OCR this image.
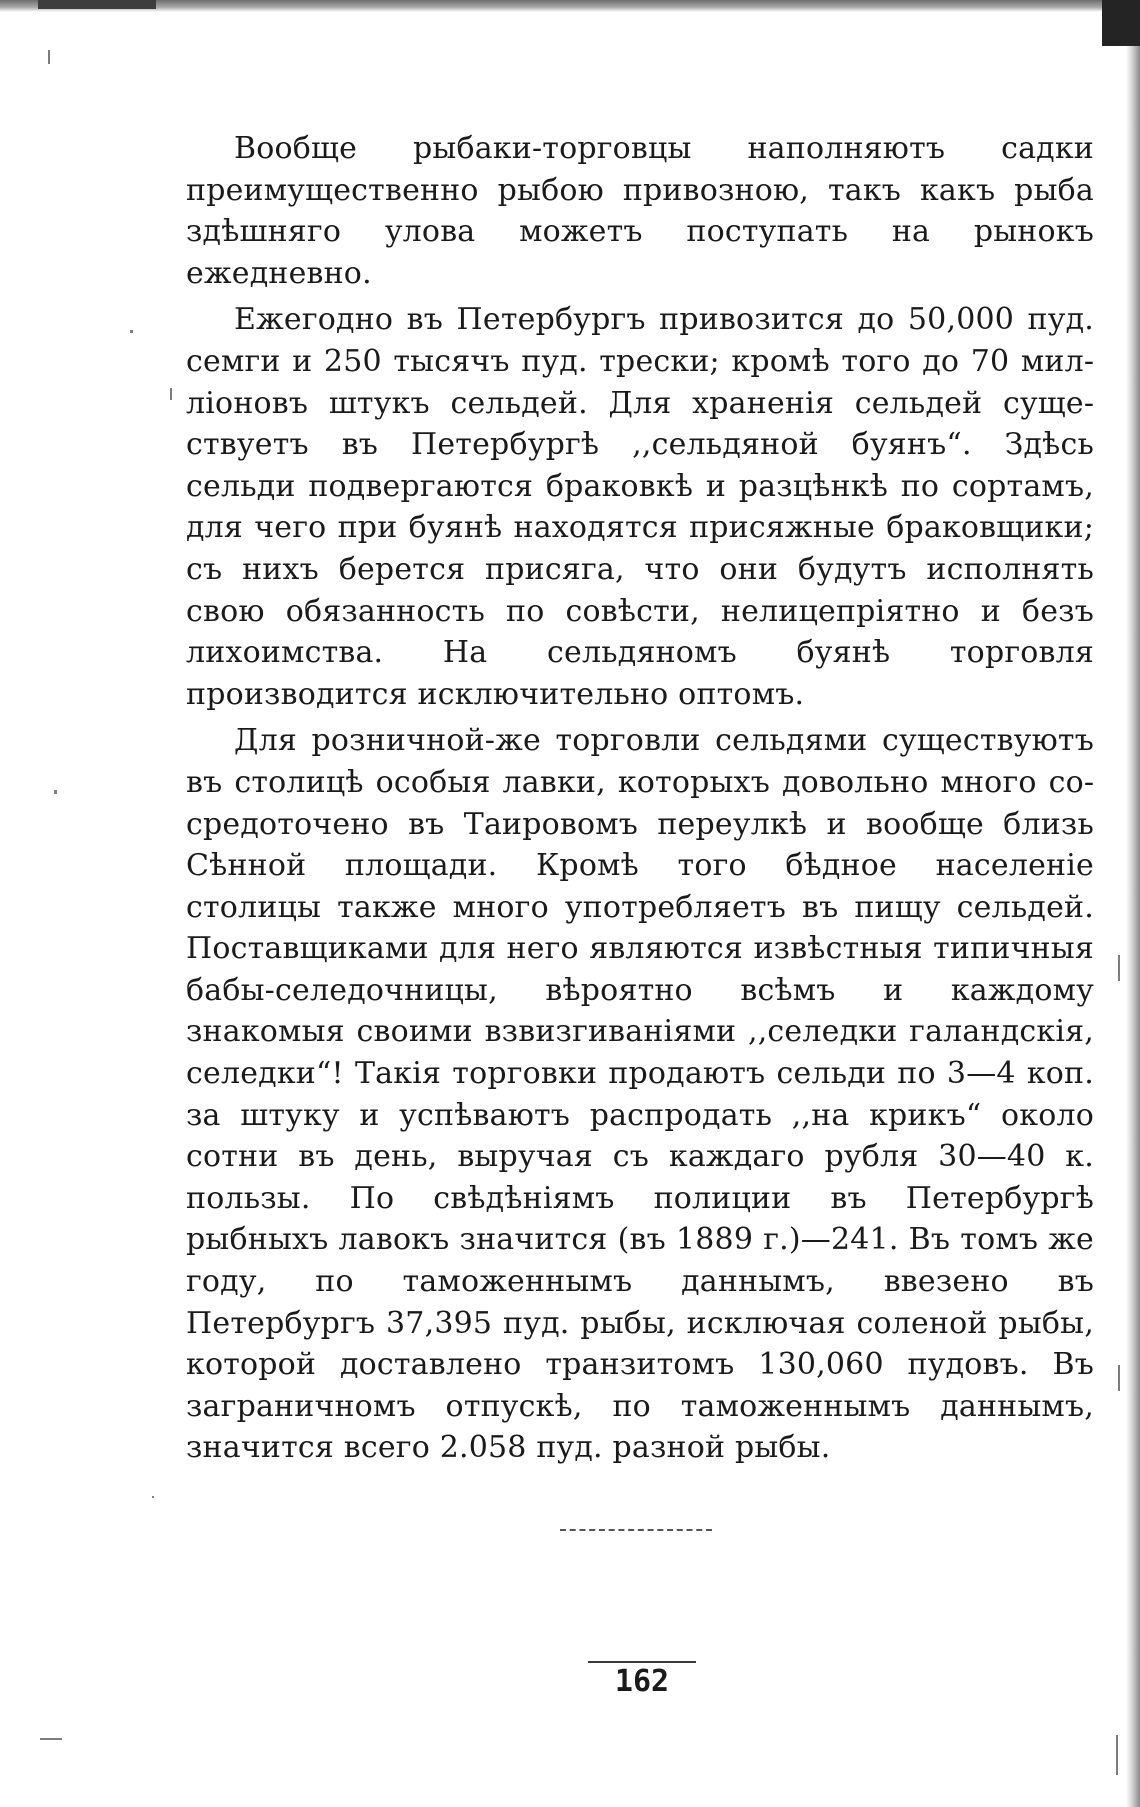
Вообще рыбаки-торговцы наполняютъ садки преимущественно рыбою привозною, такъ какъ рыба здѣшняго улова можетъ поступать на рынокъ ежедневно.

Ежегодно въ Петербургъ привозится до 50,000 пуд. семги и 250 тысячъ пуд. трески; кромѣ того до 70 милліоновъ штукъ сельдей. Для храненія сельдей существуетъ въ Петербургѣ ,,сельдяной буянъ“. Здѣсь сельди подвергаются браковкѣ и разцѣнкѣ по сортамъ, для чего при буянѣ находятся присяжные браковщики; съ нихъ берется присяга, что они будутъ исполнять свою обязанность по совѣсти, нелицепріятно и безъ лихоимства. На сельдяномъ буянѣ торговля производится исключительно оптомъ.

Для розничной-же торговли сельдями существуютъ въ столицѣ особыя лавки, которыхъ довольно много сосредоточено въ Таировомъ переулкѣ и вообще близь Сѣнной площади. Кромѣ того бѣдное населеніе столицы также много употребляетъ въ пищу сельдей. Поставщиками для него являются извѣстныя типичныя бабы-селедочницы, вѣроятно всѣмъ и каждому знакомыя своими взвизгиваніями ,,селедки галандскія, селедки“! Такія торговки продаютъ сельди по 3—4 коп. за штуку и успѣваютъ распродать ,,на крикъ“ около сотни въ день, выручая съ каждаго рубля 30—40 к. пользы. По свѣдѣніямъ полиции въ Петербургѣ рыбныхъ лавокъ значится (въ 1889 г.)—241. Въ томъ же году, по таможеннымъ даннымъ, ввезено въ Петербургъ 37,395 пуд. рыбы, исключая соленой рыбы, которой доставлено транзитомъ 130,060 пудовъ. Въ заграничномъ отпускѣ, по таможеннымъ даннымъ, значится всего 2.058 пуд. разной рыбы.

162
